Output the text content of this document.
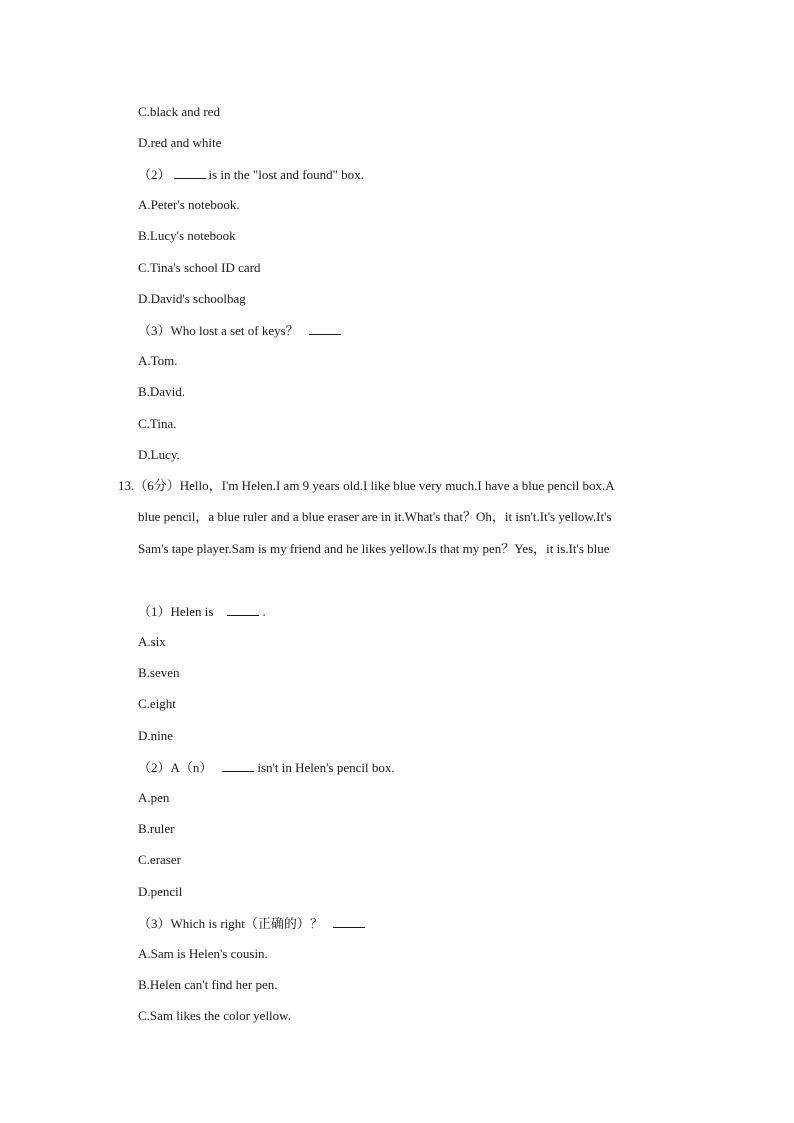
C.black and red
D.red and white
（2）	is in the "lost and found" box.
A.Peter's notebook.
B.Lucy's notebook
C.Tina's school ID card
D.David's schoolbag
（3）Who lost a set of keys？
A.Tom.
B.David.
C.Tina.
D.Lucy.
13.（6分）Hello，I'm Helen.I am 9 years old.I like blue very much.I have a blue pencil box.A
blue pencil，a blue ruler and a blue eraser are in it.What's that？Oh，it isn't.It's yellow.It's
Sam's tape player.Sam is my friend and he likes yellow.Is that my pen？Yes，it is.It's blue
（1）Helen is	.
A.six
B.seven
C.eight
D.nine
（2）A（n）	isn't in Helen's pencil box.
A.pen
B.ruler
C.eraser
D.pencil
（3）Which is right（正确的）？
A.Sam is Helen's cousin.
B.Helen can't find her pen.
C.Sam likes the color yellow.
